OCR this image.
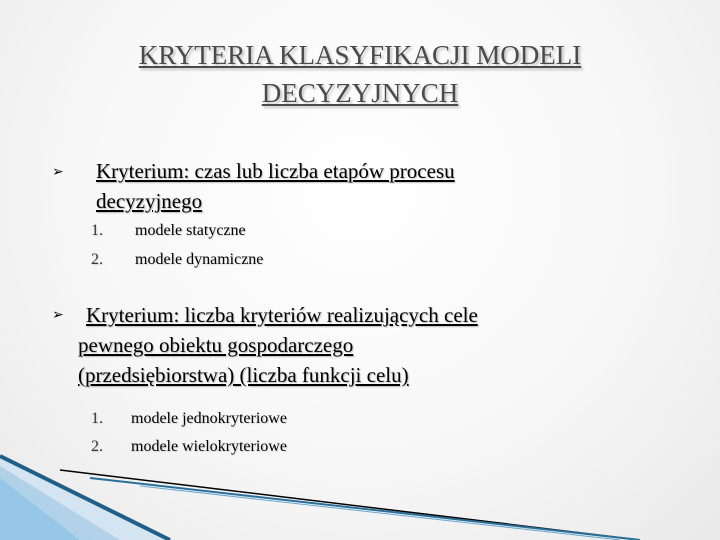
KRYTERIA KLASYFIKACJI MODELI
DECYZYJNYCH
➢ Kryterium: czas lub liczba etapów procesu
decyzyjnego
1. modele statyczne
2. modele dynamiczne
➢	Kryterium: liczba kryteriów realizujących cele
pewnego obiektu gospodarczego
(przedsiębiorstwa) (liczba funkcji celu)
1. modele jednokryteriowe
2. modele wielokryteriowe
